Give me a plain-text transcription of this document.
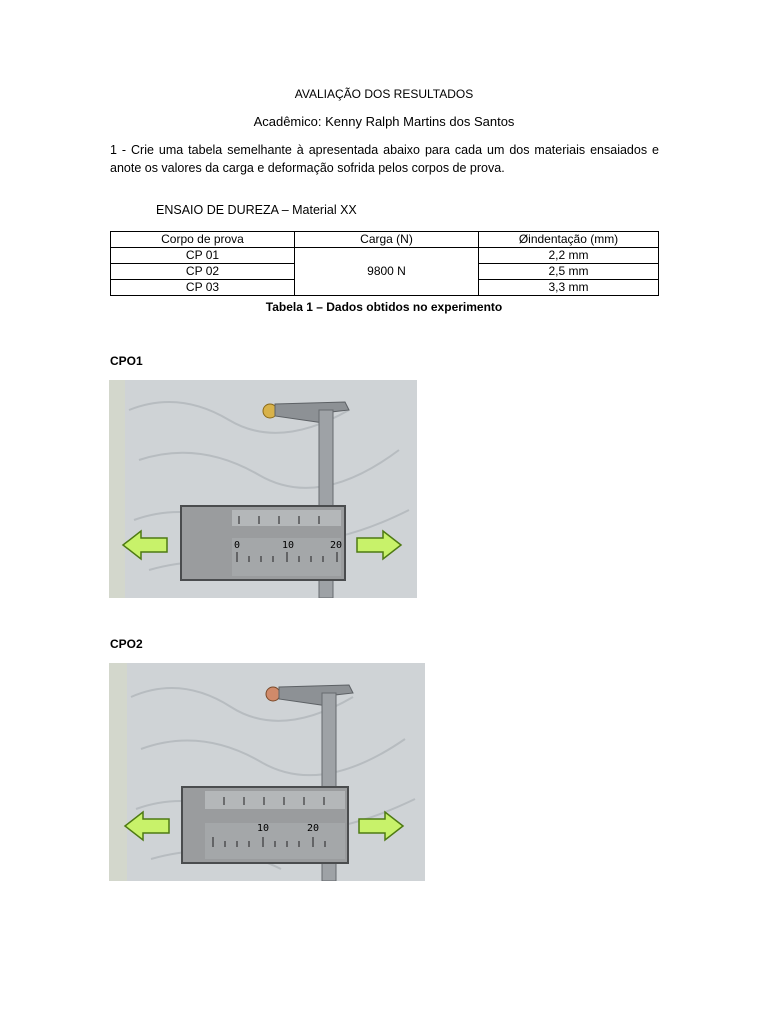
AVALIAÇÃO DOS RESULTADOS
Acadêmico: Kenny Ralph Martins dos Santos
1 - Crie uma tabela semelhante à apresentada abaixo para cada um dos materiais ensaiados e anote os valores da carga e deformação sofrida pelos corpos de prova.
ENSAIO DE DUREZA – Material XX
Corpo de prova	Carga (N)	Øindentação (mm)
CP 01	9800 N	2,2 mm
CP 02		2,5 mm
CP 03		3,3 mm
Tabela 1 – Dados obtidos no experimento
CPO1
0	10	20
CPO2
10	20
